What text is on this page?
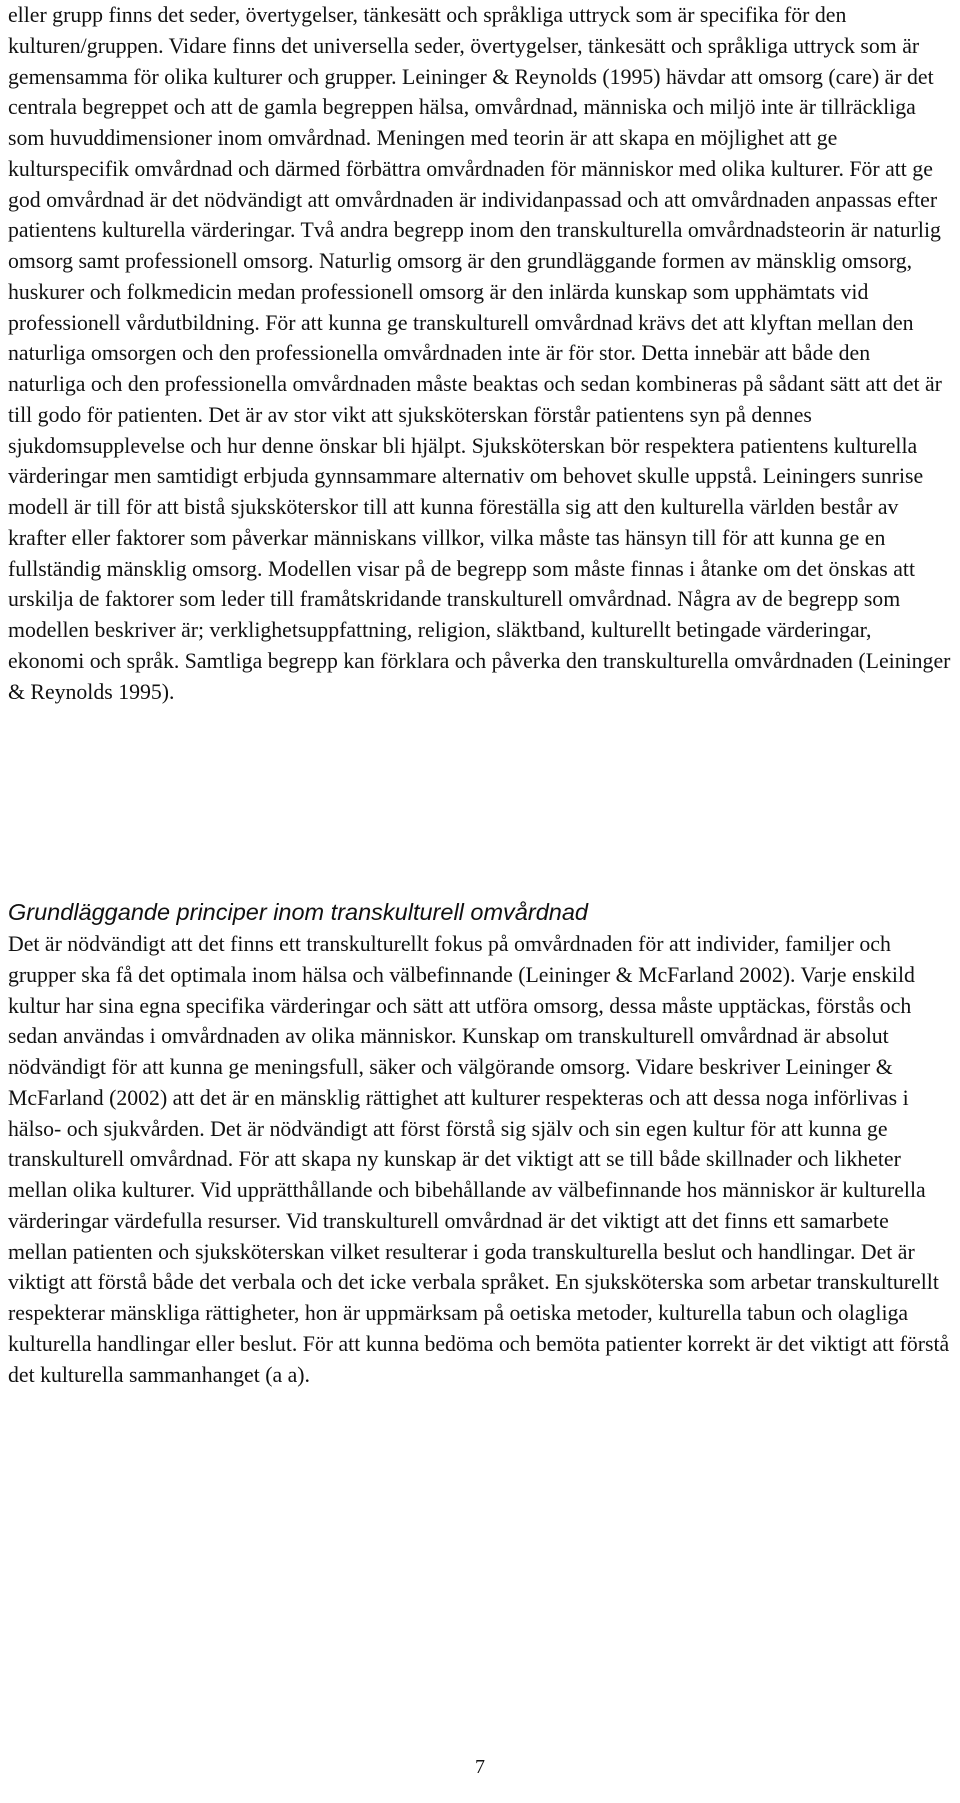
eller grupp finns det seder, övertygelser, tänkesätt och språkliga uttryck som är specifika för den kulturen/gruppen. Vidare finns det universella seder, övertygelser, tänkesätt och språkliga uttryck som är gemensamma för olika kulturer och grupper. Leininger & Reynolds (1995) hävdar att omsorg (care) är det centrala begreppet och att de gamla begreppen hälsa, omvårdnad, människa och miljö inte är tillräckliga som huvuddimensioner inom omvårdnad. Meningen med teorin är att skapa en möjlighet att ge kulturspecifik omvårdnad och därmed förbättra omvårdnaden för människor med olika kulturer. För att ge god omvårdnad är det nödvändigt att omvårdnaden är individanpassad och att omvårdnaden anpassas efter patientens kulturella värderingar. Två andra begrepp inom den transkulturella omvårdnadsteorin är naturlig omsorg samt professionell omsorg. Naturlig omsorg är den grundläggande formen av mänsklig omsorg, huskurer och folkmedicin medan professionell omsorg är den inlärda kunskap som upphämtats vid professionell vårdutbildning. För att kunna ge transkulturell omvårdnad krävs det att klyftan mellan den naturliga omsorgen och den professionella omvårdnaden inte är för stor. Detta innebär att både den naturliga och den professionella omvårdnaden måste beaktas och sedan kombineras på sådant sätt att det är till godo för patienten. Det är av stor vikt att sjuksköterskan förstår patientens syn på dennes sjukdomsupplevelse och hur denne önskar bli hjälpt. Sjuksköterskan bör respektera patientens kulturella värderingar men samtidigt erbjuda gynnsammare alternativ om behovet skulle uppstå. Leiningers sunrise modell är till för att bistå sjuksköterskor till att kunna föreställa sig att den kulturella världen består av krafter eller faktorer som påverkar människans villkor, vilka måste tas hänsyn till för att kunna ge en fullständig mänsklig omsorg. Modellen visar på de begrepp som måste finnas i åtanke om det önskas att urskilja de faktorer som leder till framåtskridande transkulturell omvårdnad. Några av de begrepp som modellen beskriver är; verklighetsuppfattning, religion, släktband, kulturellt betingade värderingar, ekonomi och språk. Samtliga begrepp kan förklara och påverka den transkulturella omvårdnaden (Leininger & Reynolds 1995).

Grundläggande principer inom transkulturell omvårdnad

Det är nödvändigt att det finns ett transkulturellt fokus på omvårdnaden för att individer, familjer och grupper ska få det optimala inom hälsa och välbefinnande (Leininger & McFarland 2002). Varje enskild kultur har sina egna specifika värderingar och sätt att utföra omsorg, dessa måste upptäckas, förstås och sedan användas i omvårdnaden av olika människor. Kunskap om transkulturell omvårdnad är absolut nödvändigt för att kunna ge meningsfull, säker och välgörande omsorg. Vidare beskriver Leininger & McFarland (2002) att det är en mänsklig rättighet att kulturer respekteras och att dessa noga införlivas i hälso- och sjukvården. Det är nödvändigt att först förstå sig själv och sin egen kultur för att kunna ge transkulturell omvårdnad. För att skapa ny kunskap är det viktigt att se till både skillnader och likheter mellan olika kulturer. Vid upprätthållande och bibehållande av välbefinnande hos människor är kulturella värderingar värdefulla resurser. Vid transkulturell omvårdnad är det viktigt att det finns ett samarbete mellan patienten och sjuksköterskan vilket resulterar i goda transkulturella beslut och handlingar. Det är viktigt att förstå både det verbala och det icke verbala språket. En sjuksköterska som arbetar transkulturellt respekterar mänskliga rättigheter, hon är uppmärksam på oetiska metoder, kulturella tabun och olagliga kulturella handlingar eller beslut. För att kunna bedöma och bemöta patienter korrekt är det viktigt att förstå det kulturella sammanhanget (a a).

7
